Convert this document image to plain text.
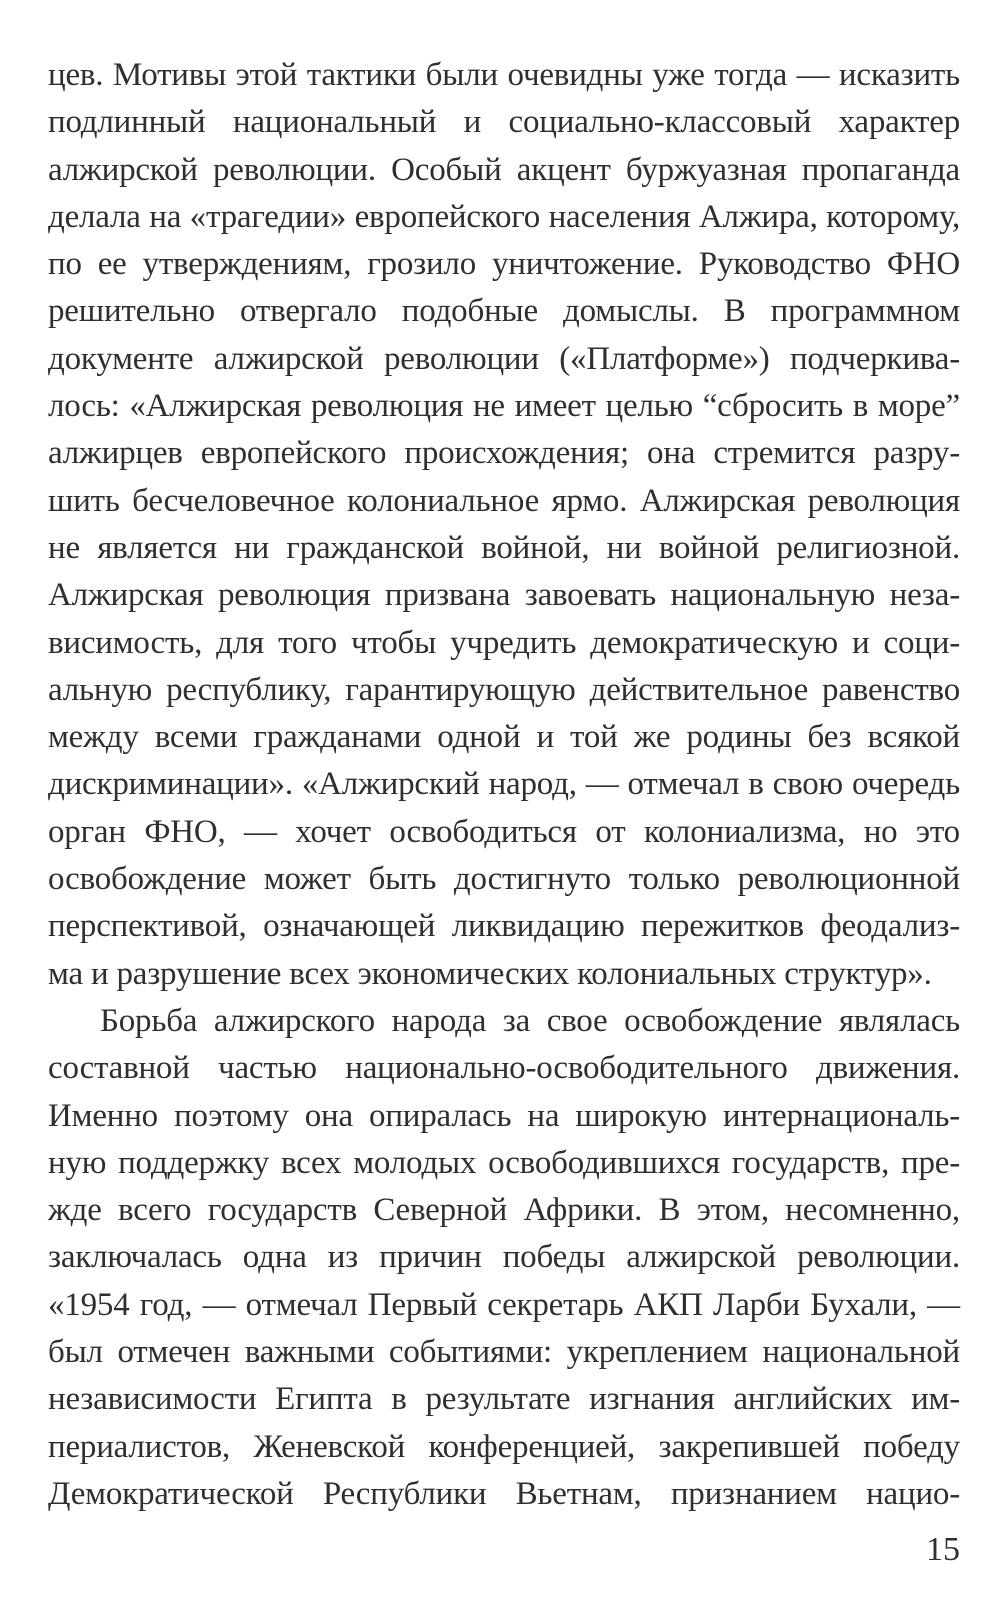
цев. Мотивы этой тактики были очевидны уже тогда — исказить
подлинный национальный и социально-классовый характер
алжирской революции. Особый акцент буржуазная пропаганда
делала на «трагедии» европейского населения Алжира, которому,
по ее утверждениям, грозило уничтожение. Руководство ФНО
решительно отвергало подобные домыслы. В программном
документе алжирской революции («Платформе») подчеркива-
лось: «Алжирская революция не имеет целью “сбросить в море”
алжирцев европейского происхождения; она стремится разру-
шить бесчеловечное колониальное ярмо. Алжирская революция
не является ни гражданской войной, ни войной религиозной.
Алжирская революция призвана завоевать национальную неза-
висимость, для того чтобы учредить демократическую и соци-
альную республику, гарантирующую действительное равенство
между всеми гражданами одной и той же родины без всякой
дискриминации». «Алжирский народ, — отмечал в свою очередь
орган ФНО, — хочет освободиться от колониализма, но это
освобождение может быть достигнуто только революционной
перспективой, означающей ликвидацию пережитков феодализ-
ма и разрушение всех экономических колониальных структур».
Борьба алжирского народа за свое освобождение являлась
составной частью национально-освободительного движения.
Именно поэтому она опиралась на широкую интернациональ-
ную поддержку всех молодых освободившихся государств, пре-
жде всего государств Северной Африки. В этом, несомненно,
заключалась одна из причин победы алжирской революции.
«1954 год, — отмечал Первый секретарь АКП Ларби Бухали, —
был отмечен важными событиями: укреплением национальной
независимости Египта в результате изгнания английских им-
периалистов, Женевской конференцией, закрепившей победу
Демократической Республики Вьетнам, признанием нацио-
15
